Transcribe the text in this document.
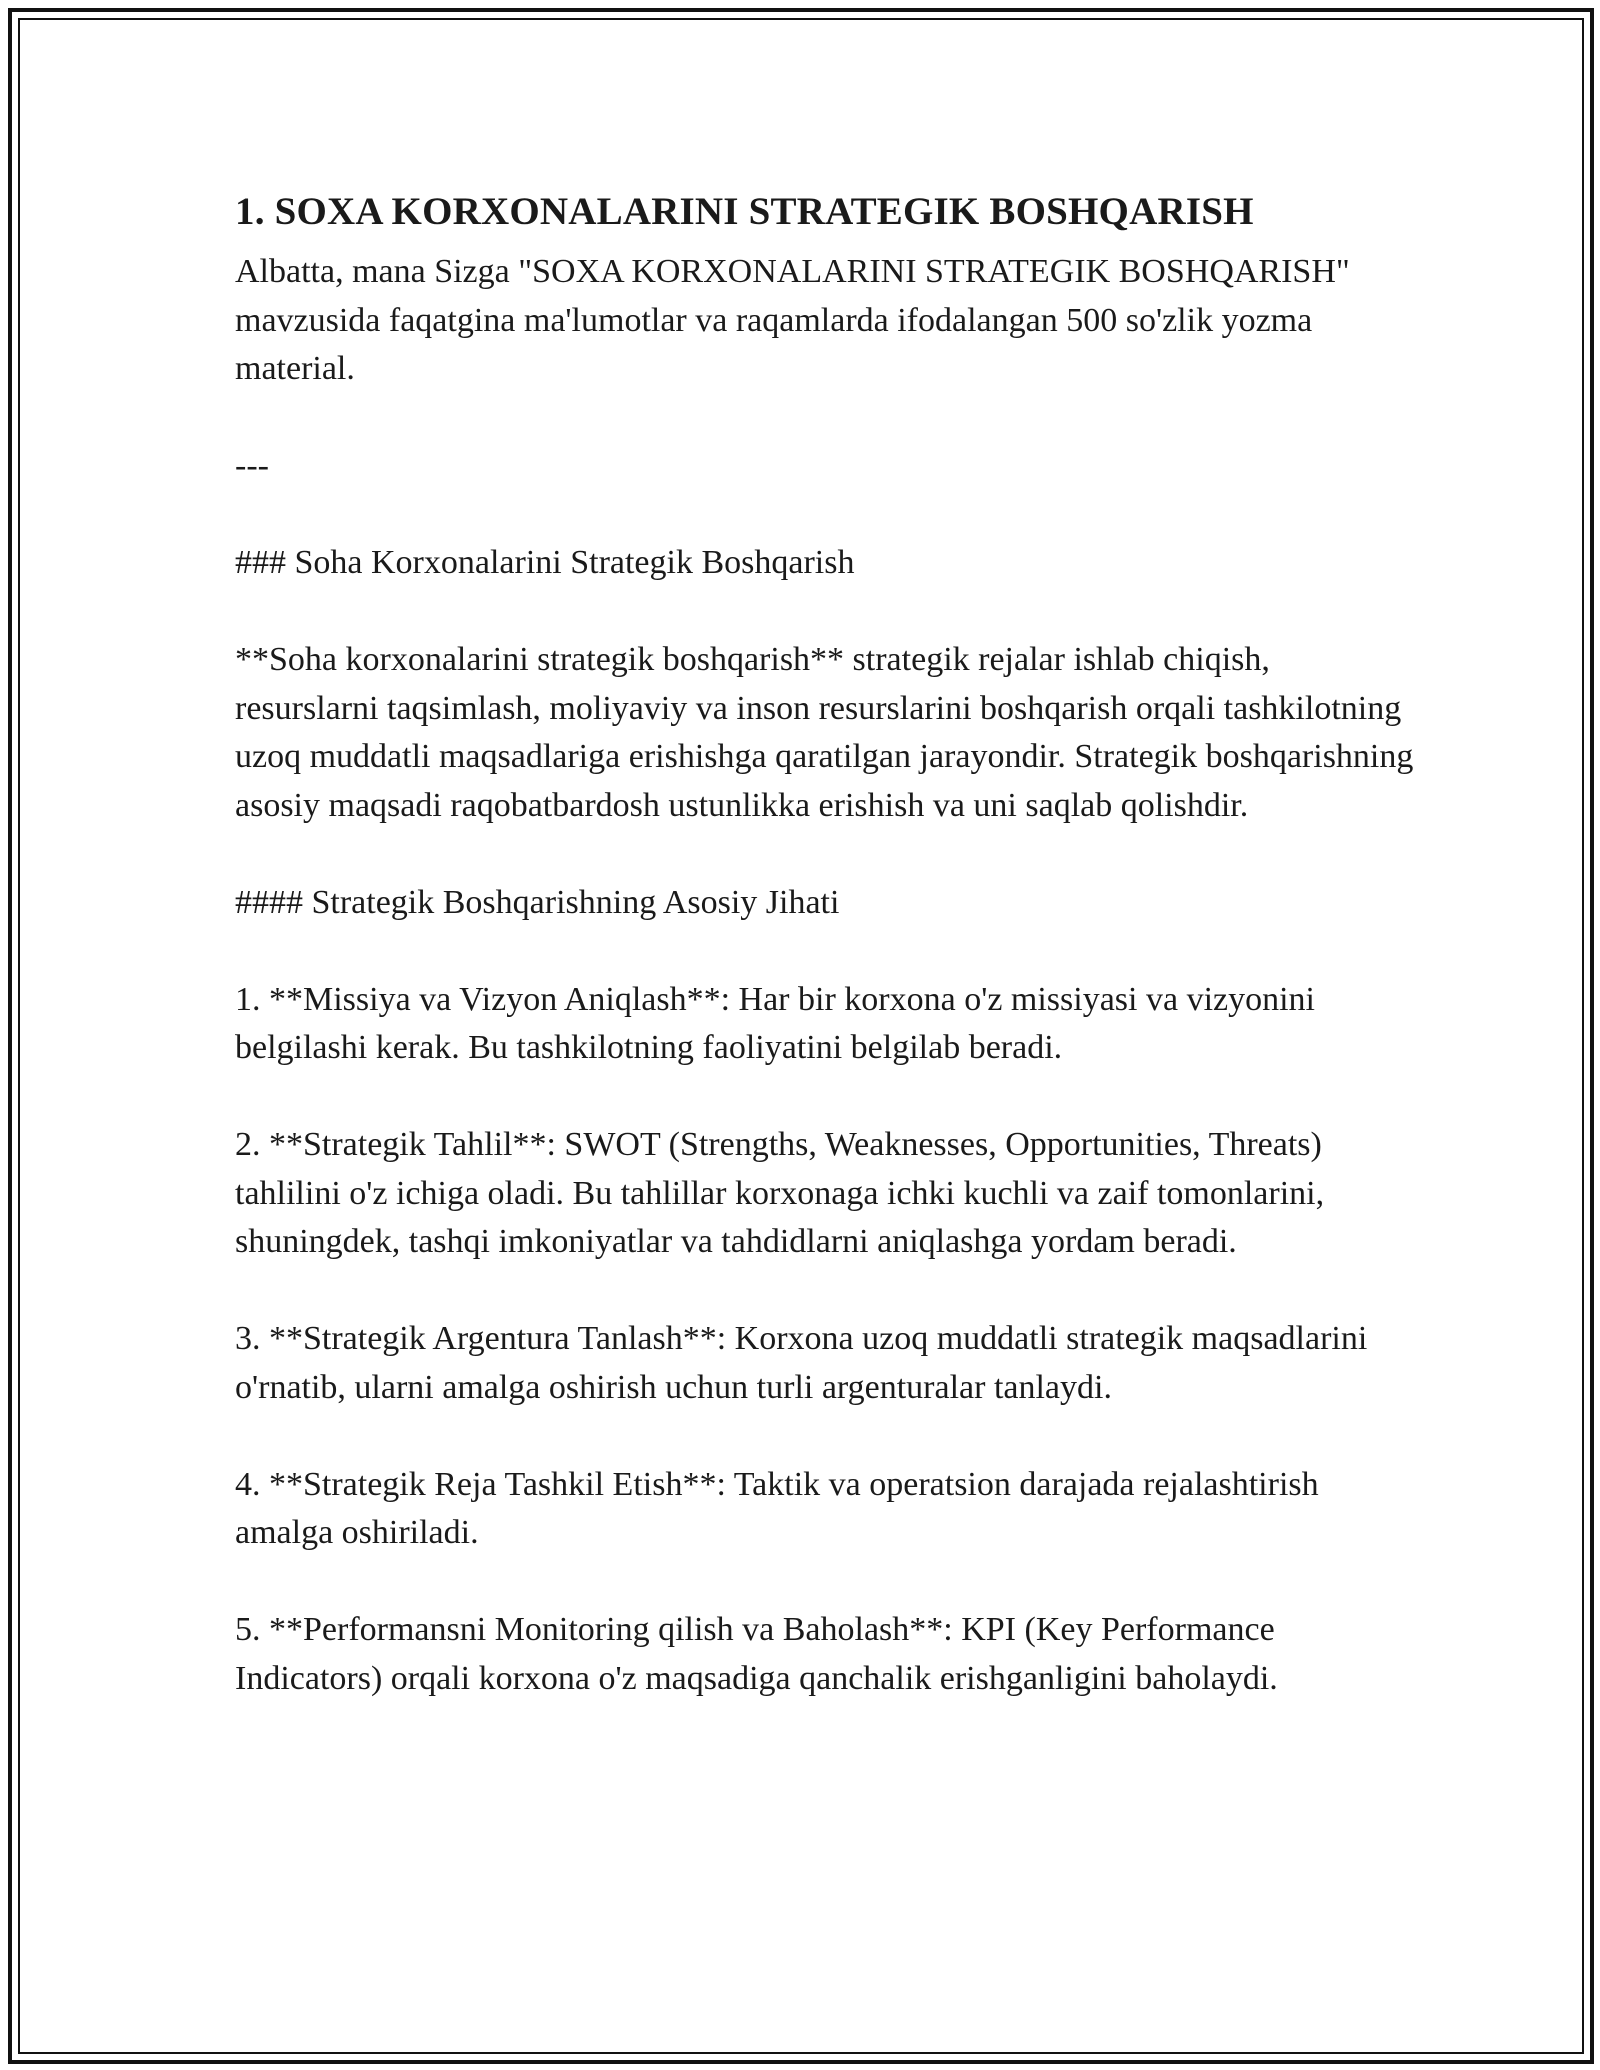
1. SOXA KORXONALARINI STRATEGIK BOSHQARISH

Albatta, mana Sizga "SOXA KORXONALARINI STRATEGIK BOSHQARISH" mavzusida faqatgina ma'lumotlar va raqamlarda ifodalangan 500 so'zlik yozma material.

---

### Soha Korxonalarini Strategik Boshqarish

**Soha korxonalarini strategik boshqarish** strategik rejalar ishlab chiqish, resurslarni taqsimlash, moliyaviy va inson resurslarini boshqarish orqali tashkilotning uzoq muddatli maqsadlariga erishishga qaratilgan jarayondir. Strategik boshqarishning asosiy maqsadi raqobatbardosh ustunlikka erishish va uni saqlab qolishdir.

#### Strategik Boshqarishning Asosiy Jihati

1. **Missiya va Vizyon Aniqlash**: Har bir korxona o'z missiyasi va vizyonini belgilashi kerak. Bu tashkilotning faoliyatini belgilab beradi.

2. **Strategik Tahlil**: SWOT (Strengths, Weaknesses, Opportunities, Threats) tahlilini o'z ichiga oladi. Bu tahlillar korxonaga ichki kuchli va zaif tomonlarini, shuningdek, tashqi imkoniyatlar va tahdidlarni aniqlashga yordam beradi.

3. **Strategik Argentura Tanlash**: Korxona uzoq muddatli strategik maqsadlarini o'rnatib, ularni amalga oshirish uchun turli argenturalar tanlaydi.

4. **Strategik Reja Tashkil Etish**: Taktik va operatsion darajada rejalashtirish amalga oshiriladi.

5. **Performansni Monitoring qilish va Baholash**: KPI (Key Performance Indicators) orqali korxona o'z maqsadiga qanchalik erishganligini baholaydi.
